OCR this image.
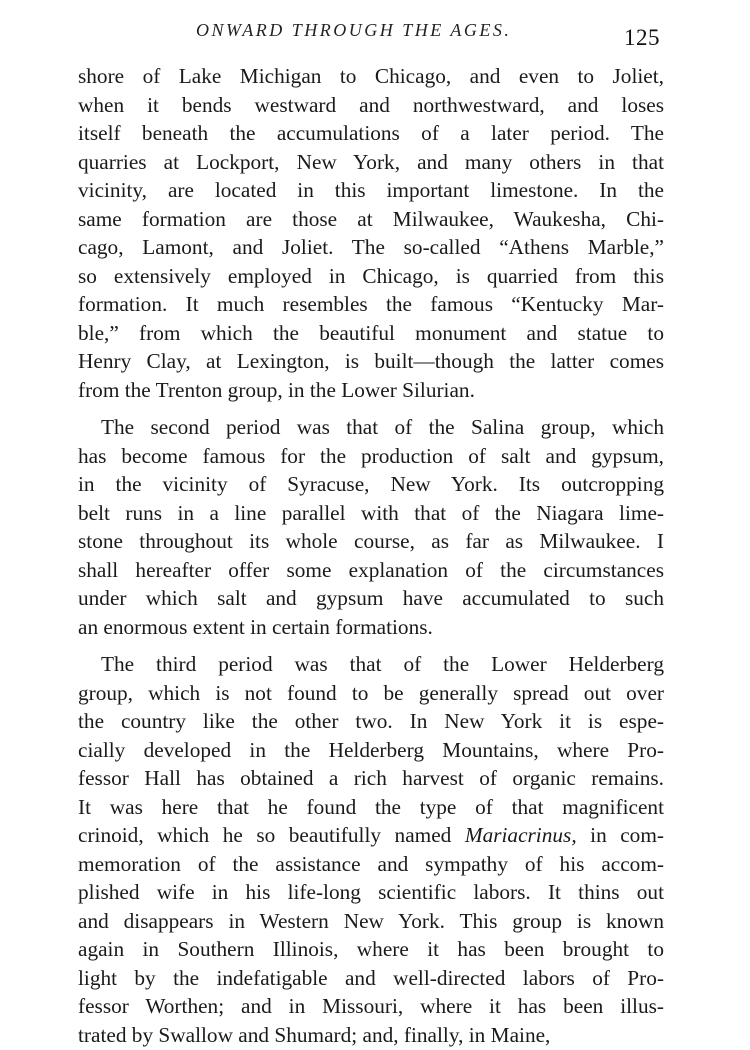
ONWARD THROUGH THE AGES.	125

shore of Lake Michigan to Chicago, and even to Joliet,
when it bends westward and northwestward, and loses
itself beneath the accumulations of a later period. The
quarries at Lockport, New York, and many others in that
vicinity, are located in this important limestone. In the
same formation are those at Milwaukee, Waukesha, Chi-
cago, Lamont, and Joliet. The so-called “Athens Marble,”
so extensively employed in Chicago, is quarried from this
formation. It much resembles the famous “Kentucky Mar-
ble,” from which the beautiful monument and statue to
Henry Clay, at Lexington, is built—though the latter comes
from the Trenton group, in the Lower Silurian.

The second period was that of the Salina group, which
has become famous for the production of salt and gypsum,
in the vicinity of Syracuse, New York. Its outcropping
belt runs in a line parallel with that of the Niagara lime-
stone throughout its whole course, as far as Milwaukee. I
shall hereafter offer some explanation of the circumstances
under which salt and gypsum have accumulated to such
an enormous extent in certain formations.

The third period was that of the Lower Helderberg
group, which is not found to be generally spread out over
the country like the other two. In New York it is espe-
cially developed in the Helderberg Mountains, where Pro-
fessor Hall has obtained a rich harvest of organic remains.
It was here that he found the type of that magnificent
crinoid, which he so beautifully named Mariacrinus, in com-
memoration of the assistance and sympathy of his accom-
plished wife in his life-long scientific labors. It thins out
and disappears in Western New York. This group is known
again in Southern Illinois, where it has been brought to
light by the indefatigable and well-directed labors of Pro-
fessor Worthen; and in Missouri, where it has been illus-
trated by Swallow and Shumard; and, finally, in Maine,
